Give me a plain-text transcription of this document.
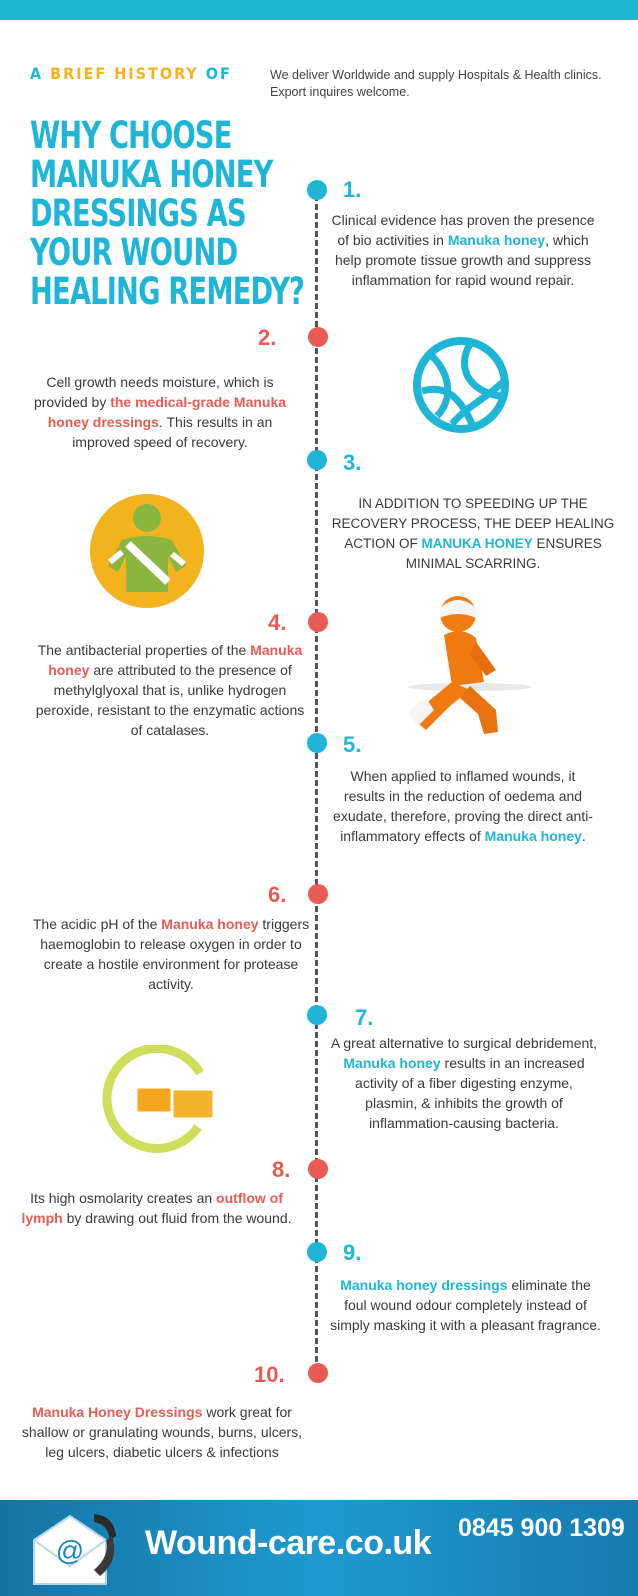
A BRIEF HISTORY OF	We deliver Worldwide and supply Hospitals & Health clinics.
Export inquires welcome.
WHY CHOOSE
MANUKA HONEY
DRESSINGS AS
YOUR WOUND
HEALING REMEDY?
1.
Clinical evidence has proven the presence of bio activities in Manuka honey, which help promote tissue growth and suppress inflammation for rapid wound repair.
2.
Cell growth needs moisture, which is provided by the medical-grade Manuka honey dressings. This results in an improved speed of recovery.
3.
IN ADDITION TO SPEEDING UP THE RECOVERY PROCESS, THE DEEP HEALING ACTION OF MANUKA HONEY ENSURES MINIMAL SCARRING.
4.
The antibacterial properties of the Manuka honey are attributed to the presence of methylglyoxal that is, unlike hydrogen peroxide, resistant to the enzymatic actions of catalases.
5.
When applied to inflamed wounds, it results in the reduction of oedema and exudate, therefore, proving the direct anti-inflammatory effects of Manuka honey.
6.
The acidic pH of the Manuka honey triggers haemoglobin to release oxygen in order to create a hostile environment for protease activity.
7.
A great alternative to surgical debridement, Manuka honey results in an increased activity of a fiber digesting enzyme, plasmin, & inhibits the growth of inflammation-causing bacteria.
8.
Its high osmolarity creates an outflow of lymph by drawing out fluid from the wound.
9.
Manuka honey dressings eliminate the foul wound odour completely instead of simply masking it with a pleasant fragrance.
10.
Manuka Honey Dressings work great for shallow or granulating wounds, burns, ulcers, leg ulcers, diabetic ulcers & infections
@ Wound-care.co.uk 0845 900 1309
